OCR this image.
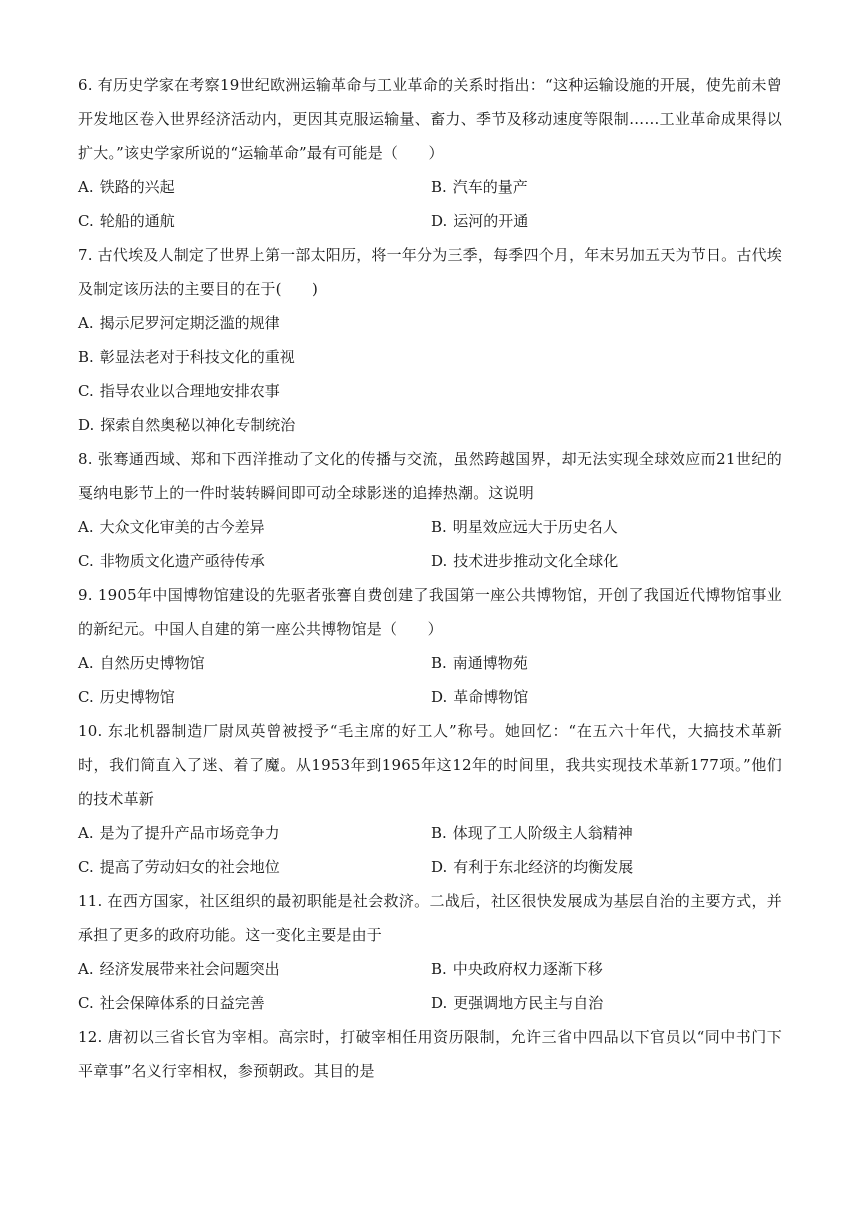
6. 有历史学家在考察19世纪欧洲运输革命与工业革命的关系时指出：“这种运输设施的开展，使先前未曾开发地区卷入世界经济活动内，更因其克服运输量、畜力、季节及移动速度等限制……工业革命成果得以扩大。”该史学家所说的“运输革命”最有可能是（　　）

A. 铁路的兴起	B. 汽车的量产
C. 轮船的通航	D. 运河的开通

7. 古代埃及人制定了世界上第一部太阳历，将一年分为三季，每季四个月，年末另加五天为节日。古代埃及制定该历法的主要目的在于(　　)

A. 揭示尼罗河定期泛滥的规律
B. 彰显法老对于科技文化的重视
C. 指导农业以合理地安排农事
D. 探索自然奥秘以神化专制统治

8. 张骞通西域、郑和下西洋推动了文化的传播与交流，虽然跨越国界，却无法实现全球效应而21世纪的戛纳电影节上的一件时装转瞬间即可动全球影迷的追捧热潮。这说明

A. 大众文化审美的古今差异	B. 明星效应远大于历史名人
C. 非物质文化遗产亟待传承	D. 技术进步推动文化全球化

9. 1905年中国博物馆建设的先驱者张謇自费创建了我国第一座公共博物馆，开创了我国近代博物馆事业的新纪元。中国人自建的第一座公共博物馆是（　　）

A. 自然历史博物馆	B. 南通博物苑
C. 历史博物馆	D. 革命博物馆

10. 东北机器制造厂尉凤英曾被授予“毛主席的好工人”称号。她回忆：“在五六十年代，大搞技术革新时，我们简直入了迷、着了魔。从1953年到1965年这12年的时间里，我共实现技术革新177项。”他们的技术革新

A. 是为了提升产品市场竞争力	B. 体现了工人阶级主人翁精神
C. 提高了劳动妇女的社会地位	D. 有利于东北经济的均衡发展

11. 在西方国家，社区组织的最初职能是社会救济。二战后，社区很快发展成为基层自治的主要方式，并承担了更多的政府功能。这一变化主要是由于

A. 经济发展带来社会问题突出	B. 中央政府权力逐渐下移
C. 社会保障体系的日益完善	D. 更强调地方民主与自治

12. 唐初以三省长官为宰相。高宗时，打破宰相任用资历限制，允许三省中四品以下官员以“同中书门下平章事”名义行宰相权，参预朝政。其目的是
